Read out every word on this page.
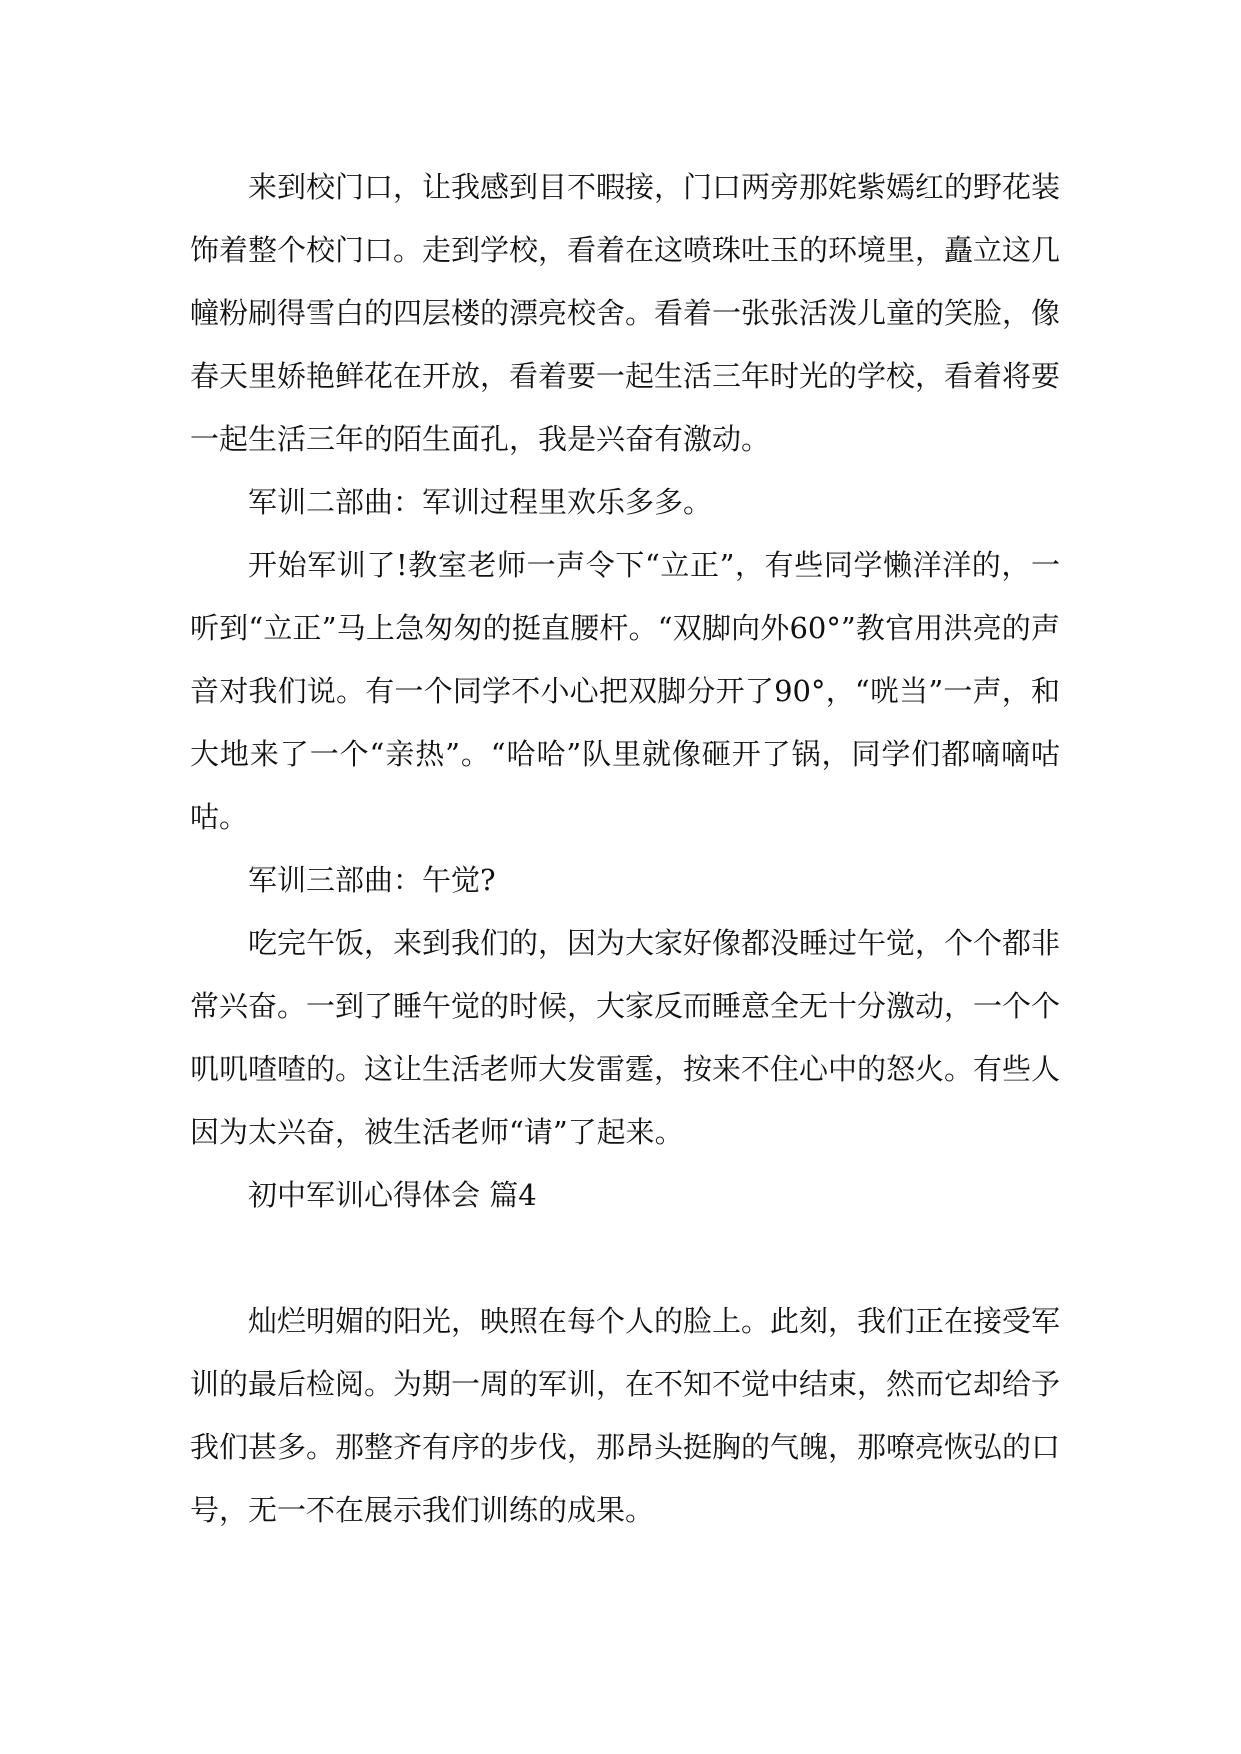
来到校门口，让我感到目不暇接，门口两旁那姹紫嫣红的野花装饰着整个校门口。走到学校，看着在这喷珠吐玉的环境里，矗立这几幢粉刷得雪白的四层楼的漂亮校舍。看着一张张活泼儿童的笑脸，像春天里娇艳鲜花在开放，看着要一起生活三年时光的学校，看着将要一起生活三年的陌生面孔，我是兴奋有激动。

军训二部曲：军训过程里欢乐多多。

开始军训了!教室老师一声令下“立正”，有些同学懒洋洋的，一听到“立正”马上急匆匆的挺直腰杆。“双脚向外60°”教官用洪亮的声音对我们说。有一个同学不小心把双脚分开了90°，“咣当”一声，和大地来了一个“亲热”。“哈哈”队里就像砸开了锅，同学们都嘀嘀咕咕。

军训三部曲：午觉?

吃完午饭，来到我们的，因为大家好像都没睡过午觉，个个都非常兴奋。一到了睡午觉的时候，大家反而睡意全无十分激动，一个个叽叽喳喳的。这让生活老师大发雷霆，按来不住心中的怒火。有些人因为太兴奋，被生活老师“请”了起来。

初中军训心得体会 篇4

灿烂明媚的阳光，映照在每个人的脸上。此刻，我们正在接受军训的最后检阅。为期一周的军训，在不知不觉中结束，然而它却给予我们甚多。那整齐有序的步伐，那昂头挺胸的气魄，那嘹亮恢弘的口号，无一不在展示我们训练的成果。
